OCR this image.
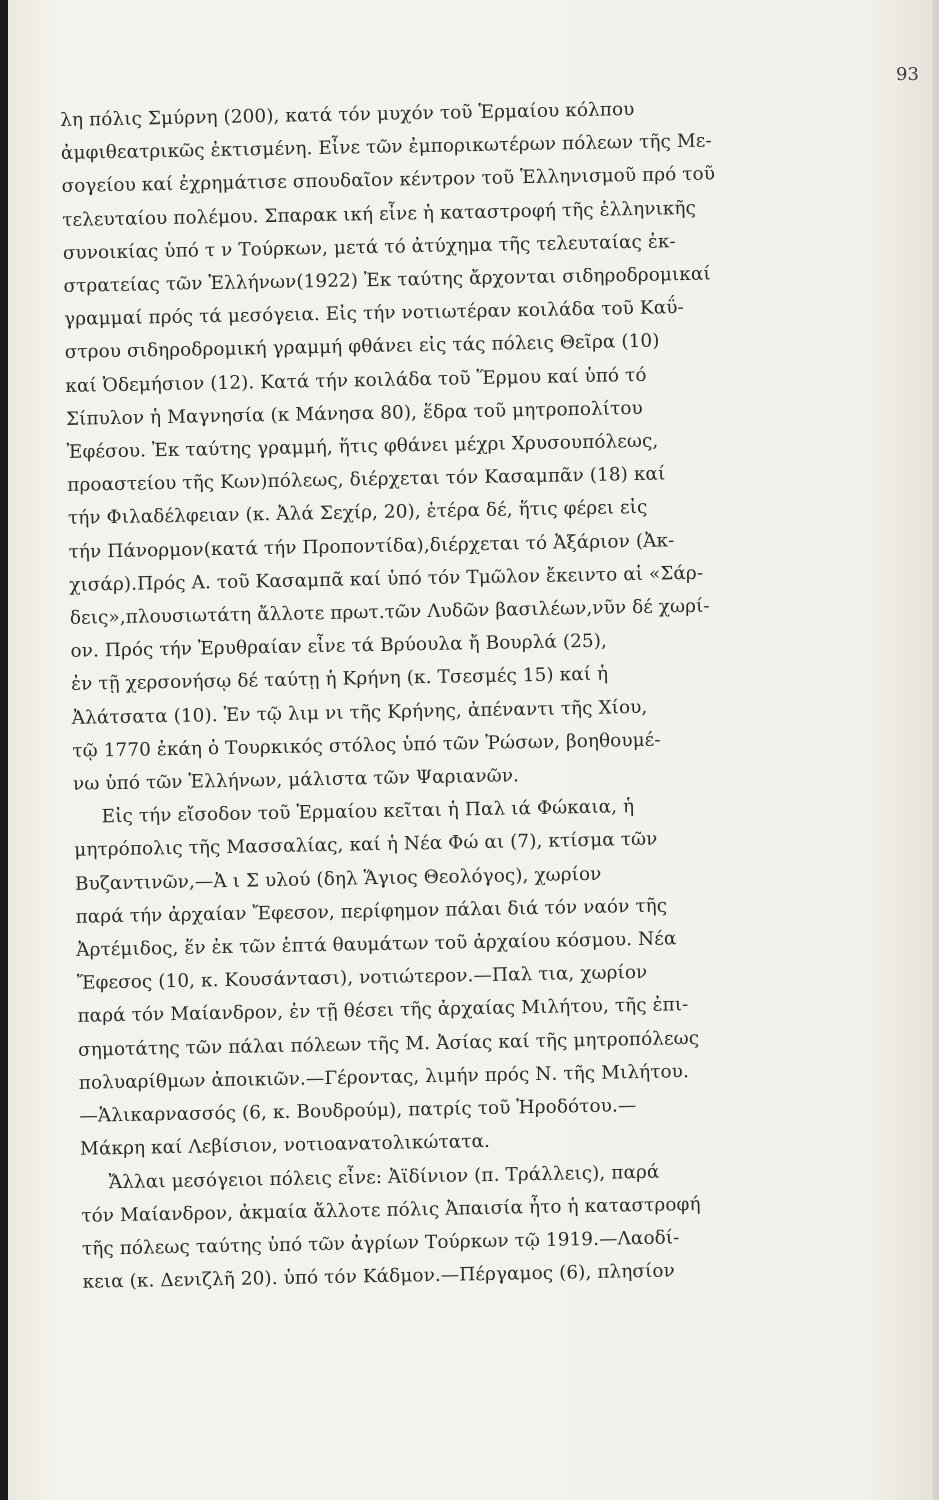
93
λη πόλις Σμύρνη (200), κατά τόν μυχόν τοῦ Ἑρμαίου κόλπου
ἀμφιθεατρικῶς ἐκτισμένη. Εἶνε τῶν ἐμπορικωτέρων πόλεων τῆς Με-
σογείου καί ἐχρημάτισε σπουδαῖον κέντρον τοῦ Ἑλληνισμοῦ πρό τοῦ
τελευταίου πολέμου. Σπαρακ ική εἶνε ἡ καταστροφή τῆς ἑλληνικῆς
συνοικίας ὑπό τ ν Τούρκων, μετά τό ἀτύχημα τῆς τελευταίας ἐκ-
στρατείας τῶν Ἑλλήνων(1922) Ἐκ ταύτης ἄρχονται σιδηροδρομικαί
γραμμαί πρός τά μεσόγεια. Εἰς τήν νοτιωτέραν κοιλάδα τοῦ Καΰ-
στρου σιδηροδρομική γραμμή φθάνει εἰς τάς πόλεις Θεῖρα (10)
καί Ὀδεμήσιον (12). Κατά τήν κοιλάδα τοῦ Ἕρμου καί ὑπό τό
Σίπυλον ἡ Μαγνησία (κ Μάνησα 80), ἕδρα τοῦ μητροπολίτου
Ἐφέσου. Ἐκ ταύτης γραμμή, ἥτις φθάνει μέχρι Χρυσουπόλεως,
προαστείου τῆς Κων)πόλεως, διέρχεται τόν Κασαμπᾶν (18) καί
τήν Φιλαδέλφειαν (κ. Ἀλά Σεχίρ, 20), ἑτέρα δέ, ἥτις φέρει εἰς
τήν Πάνορμον(κατά τήν Προποντίδα),διέρχεται τό Ἀξάριον (Ἀκ-
χισάρ).Πρός Α. τοῦ Κασαμπᾶ καί ὑπό τόν Τμῶλον ἔκειντο αἱ «Σάρ-
δεις»,πλουσιωτάτη ἄλλοτε πρωτ.τῶν Λυδῶν βασιλέων,νῦν δέ χωρί-
ον. Πρός τήν Ἐρυθραίαν εἶνε τά Βρύουλα ἤ Βουρλά (25),
ἐν τῇ χερσονήσῳ δέ ταύτῃ ἡ Κρήνη (κ. Τσεσμές 15) καί ἡ
Ἀλάτσατα (10). Ἐν τῷ λιμ νι τῆς Κρήνης, ἀπέναντι τῆς Χίου,
τῷ 1770 ἐκάη ὁ Τουρκικός στόλος ὑπό τῶν Ῥώσων, βοηθουμέ-
νω ὑπό τῶν Ἑλλήνων, μάλιστα τῶν Ψαριανῶν.
Εἰς τήν εἴσοδον τοῦ Ἑρμαίου κεῖται ἡ Παλ ιά Φώκαια, ἡ
μητρόπολις τῆς Μασσαλίας, καί ἡ Νέα Φώ αι (7), κτίσμα τῶν
Βυζαντινῶν,—Ἀ ι Σ υλού (δηλ Ἅγιος Θεολόγος), χωρίον
παρά τήν ἀρχαίαν Ἔφεσον, περίφημον πάλαι διά τόν ναόν τῆς
Ἀρτέμιδος, ἕν ἐκ τῶν ἑπτά θαυμάτων τοῦ ἀρχαίου κόσμου. Νέα
Ἔφεσος (10, κ. Κουσάντασι), νοτιώτερον.—Παλ τια, χωρίον
παρά τόν Μαίανδρον, ἐν τῇ θέσει τῆς ἀρχαίας Μιλήτου, τῆς ἐπι-
σημοτάτης τῶν πάλαι πόλεων τῆς Μ. Ἀσίας καί τῆς μητροπόλεως
πολυαρίθμων ἀποικιῶν.—Γέροντας, λιμήν πρός Ν. τῆς Μιλήτου.
—Ἁλικαρνασσός (6, κ. Βουδρούμ), πατρίς τοῦ Ἡροδότου.—
Μάκρη καί Λεβίσιον, νοτιοανατολικώτατα.
Ἄλλαι μεσόγειοι πόλεις εἶνε: Ἀϊδίνιον (π. Τράλλεις), παρά
τόν Μαίανδρον, ἀκμαία ἄλλοτε πόλις Ἀπαισία ἦτο ἡ καταστροφή
τῆς πόλεως ταύτης ὑπό τῶν ἀγρίων Τούρκων τῷ 1919.—Λαοδί-
κεια (κ. Δενιζλῆ 20). ὑπό τόν Κάδμον.—Πέργαμος (6), πλησίον
